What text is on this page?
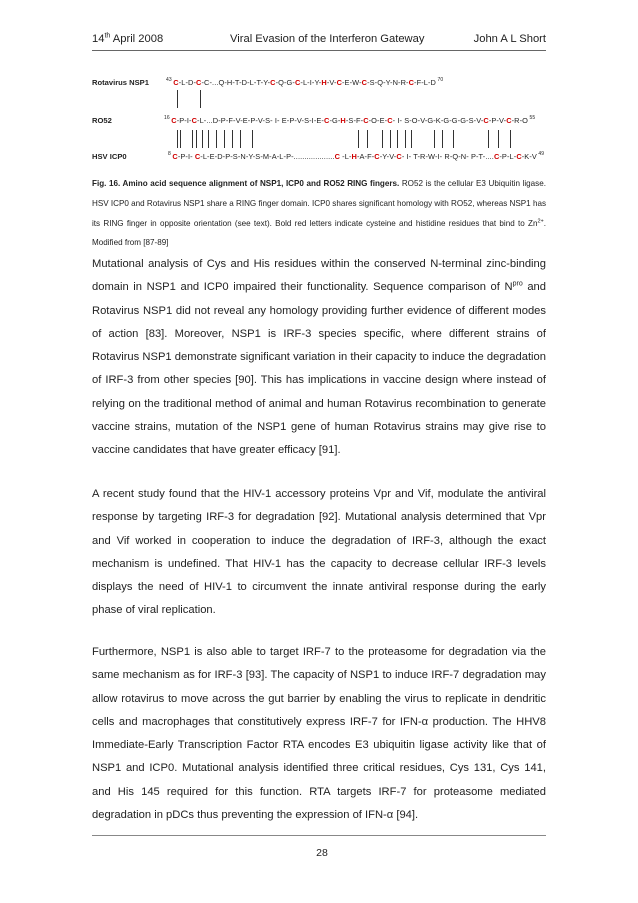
14th April 2008	Viral Evasion of the Interferon Gateway	John A L Short
Rotavirus NSP1	$^{43}$ C-L-D-C-C-...Q-H-T-D-L-T-Y-C-Q-G-C-L-I-Y-H-V-C-E-W-C-S-Q-Y-N-R-C-F-L-D $^{70}$
RO52	$^{16}$ C-P-I-C-L-...D-P-F-V-E-P-V-S- I- E-P-V-S-I-E-C-G-H-S-F-C-O-E-C- I- S-O-V-G-K-G-G-G-S-V-C-P-V-C-R-O $^{55}$
HSV ICP0	$^8$ C-P-I- C-L-E-D-P-S-N-Y-S-M-A-L-P-...................C -L-H-A-F-C-Y-V-C- I- T-R-W-I- R-Q-N- P-T-....C-P-L-C-K-V $^{49}$
Fig. 16. Amino acid sequence alignment of NSP1, ICP0 and RO52 RING fingers. RO52 is the cellular E3 Ubiquitin ligase. HSV ICP0 and Rotavirus NSP1 share a RING finger domain. ICP0 shares significant homology with RO52, whereas NSP1 has its RING finger in opposite orientation (see text). Bold red letters indicate cysteine and histidine residues that bind to $Zn^{2+}$. Modified from [87-89]

Mutational analysis of Cys and His residues within the conserved N-terminal zinc-binding domain in NSP1 and ICP0 impaired their functionality. Sequence comparison of $N^{pro}$ and Rotavirus NSP1 did not reveal any homology providing further evidence of different modes of action [83]. Moreover, NSP1 is IRF-3 species specific, where different strains of Rotavirus NSP1 demonstrate significant variation in their capacity to induce the degradation of IRF-3 from other species [90]. This has implications in vaccine design where instead of relying on the traditional method of animal and human Rotavirus recombination to generate vaccine strains, mutation of the NSP1 gene of human Rotavirus strains may give rise to vaccine candidates that have greater efficacy [91].

A recent study found that the HIV-1 accessory proteins Vpr and Vif, modulate the antiviral response by targeting IRF-3 for degradation [92]. Mutational analysis determined that Vpr and Vif worked in cooperation to induce the degradation of IRF-3, although the exact mechanism is undefined. That HIV-1 has the capacity to decrease cellular IRF-3 levels displays the need of HIV-1 to circumvent the innate antiviral response during the early phase of viral replication.

Furthermore, NSP1 is also able to target IRF-7 to the proteasome for degradation via the same mechanism as for IRF-3 [93]. The capacity of NSP1 to induce IRF-7 degradation may allow rotavirus to move across the gut barrier by enabling the virus to replicate in dendritic cells and macrophages that constitutively express IRF-7 for IFN-α production. The HHV8 Immediate-Early Transcription Factor RTA encodes E3 ubiquitin ligase activity like that of NSP1 and ICP0. Mutational analysis identified three critical residues, Cys 131, Cys 141, and His 145 required for this function. RTA targets IRF-7 for proteasome mediated degradation in pDCs thus preventing the expression of IFN-α [94].

28
